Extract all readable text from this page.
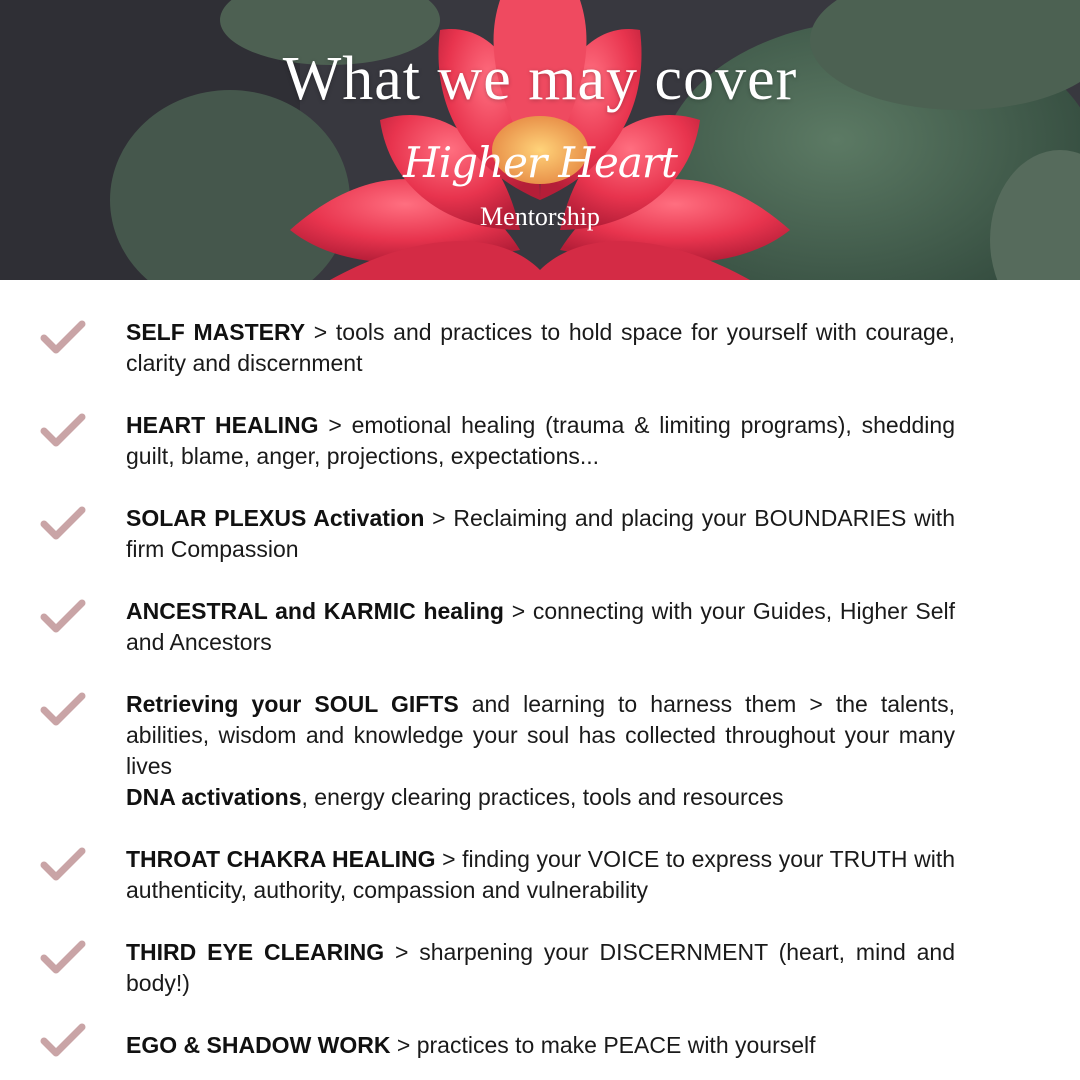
What we may cover
Higher Heart
Mentorship
SELF MASTERY > tools and practices to hold space for yourself with courage, clarity and discernment
HEART HEALING > emotional healing (trauma & limiting programs), shedding guilt, blame, anger, projections, expectations...
SOLAR PLEXUS Activation > Reclaiming and placing your BOUNDARIES with firm Compassion
ANCESTRAL and KARMIC healing > connecting with your Guides, Higher Self and Ancestors
Retrieving your SOUL GIFTS and learning to harness them > the talents, abilities, wisdom and knowledge your soul has collected throughout your many lives
DNA activations, energy clearing practices, tools and resources
THROAT CHAKRA HEALING > finding your VOICE to express your TRUTH with authenticity, authority, compassion and vulnerability
THIRD EYE CLEARING > sharpening your DISCERNMENT (heart, mind and body!)
EGO & SHADOW WORK > practices to make PEACE with yourself
